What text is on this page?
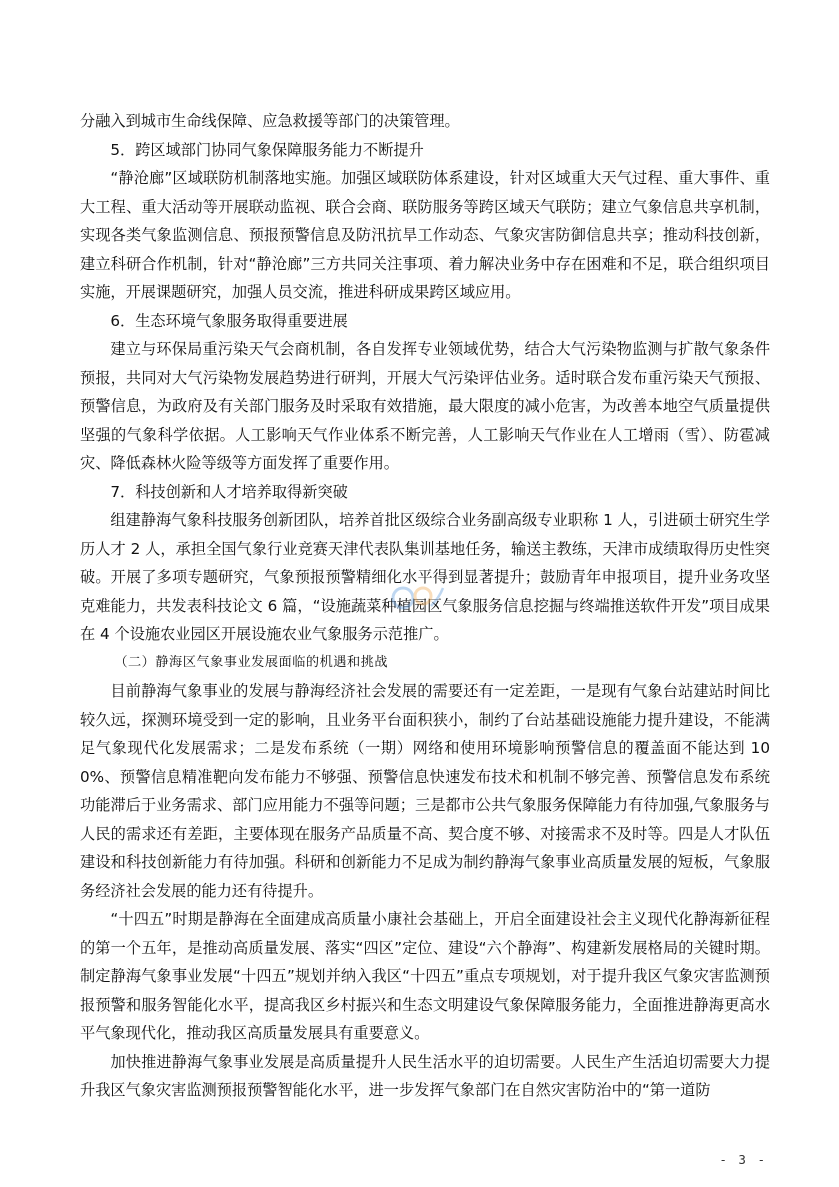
分融入到城市生命线保障、应急救援等部门的决策管理。

5．跨区域部门协同气象保障服务能力不断提升

“静沧廊”区域联防机制落地实施。加强区域联防体系建设，针对区域重大天气过程、重大事件、重大工程、重大活动等开展联动监视、联合会商、联防服务等跨区域天气联防；建立气象信息共享机制，实现各类气象监测信息、预报预警信息及防汛抗旱工作动态、气象灾害防御信息共享；推动科技创新，建立科研合作机制，针对“静沧廊”三方共同关注事项、着力解决业务中存在困难和不足，联合组织项目实施，开展课题研究，加强人员交流，推进科研成果跨区域应用。

6．生态环境气象服务取得重要进展

建立与环保局重污染天气会商机制，各自发挥专业领域优势，结合大气污染物监测与扩散气象条件预报，共同对大气污染物发展趋势进行研判，开展大气污染评估业务。适时联合发布重污染天气预报、预警信息，为政府及有关部门服务及时采取有效措施，最大限度的减小危害，为改善本地空气质量提供坚强的气象科学依据。人工影响天气作业体系不断完善，人工影响天气作业在人工增雨（雪）、防雹减灾、降低森林火险等级等方面发挥了重要作用。

7．科技创新和人才培养取得新突破

组建静海气象科技服务创新团队，培养首批区级综合业务副高级专业职称 1 人，引进硕士研究生学历人才 2 人，承担全国气象行业竞赛天津代表队集训基地任务，输送主教练，天津市成绩取得历史性突破。开展了多项专题研究，气象预报预警精细化水平得到显著提升；鼓励青年申报项目，提升业务攻坚克难能力，共发表科技论文 6 篇，“设施蔬菜种植园区气象服务信息挖掘与终端推送软件开发”项目成果在 4 个设施农业园区开展设施农业气象服务示范推广。

（二）静海区气象事业发展面临的机遇和挑战

目前静海气象事业的发展与静海经济社会发展的需要还有一定差距，一是现有气象台站建站时间比较久远，探测环境受到一定的影响，且业务平台面积狭小，制约了台站基础设施能力提升建设，不能满足气象现代化发展需求；二是发布系统（一期）网络和使用环境影响预警信息的覆盖面不能达到 100%、预警信息精准靶向发布能力不够强、预警信息快速发布技术和机制不够完善、预警信息发布系统功能滞后于业务需求、部门应用能力不强等问题；三是都市公共气象服务保障能力有待加强,气象服务与人民的需求还有差距，主要体现在服务产品质量不高、契合度不够、对接需求不及时等。四是人才队伍建设和科技创新能力有待加强。科研和创新能力不足成为制约静海气象事业高质量发展的短板，气象服务经济社会发展的能力还有待提升。

“十四五”时期是静海在全面建成高质量小康社会基础上，开启全面建设社会主义现代化静海新征程的第一个五年，是推动高质量发展、落实“四区”定位、建设“六个静海”、构建新发展格局的关键时期。制定静海气象事业发展“十四五”规划并纳入我区“十四五”重点专项规划，对于提升我区气象灾害监测预报预警和服务智能化水平，提高我区乡村振兴和生态文明建设气象保障服务能力，全面推进静海更高水平气象现代化，推动我区高质量发展具有重要意义。

加快推进静海气象事业发展是高质量提升人民生活水平的迫切需要。人民生产生活迫切需要大力提升我区气象灾害监测预报预警智能化水平，进一步发挥气象部门在自然灾害防治中的“第一道防

- 3 -
